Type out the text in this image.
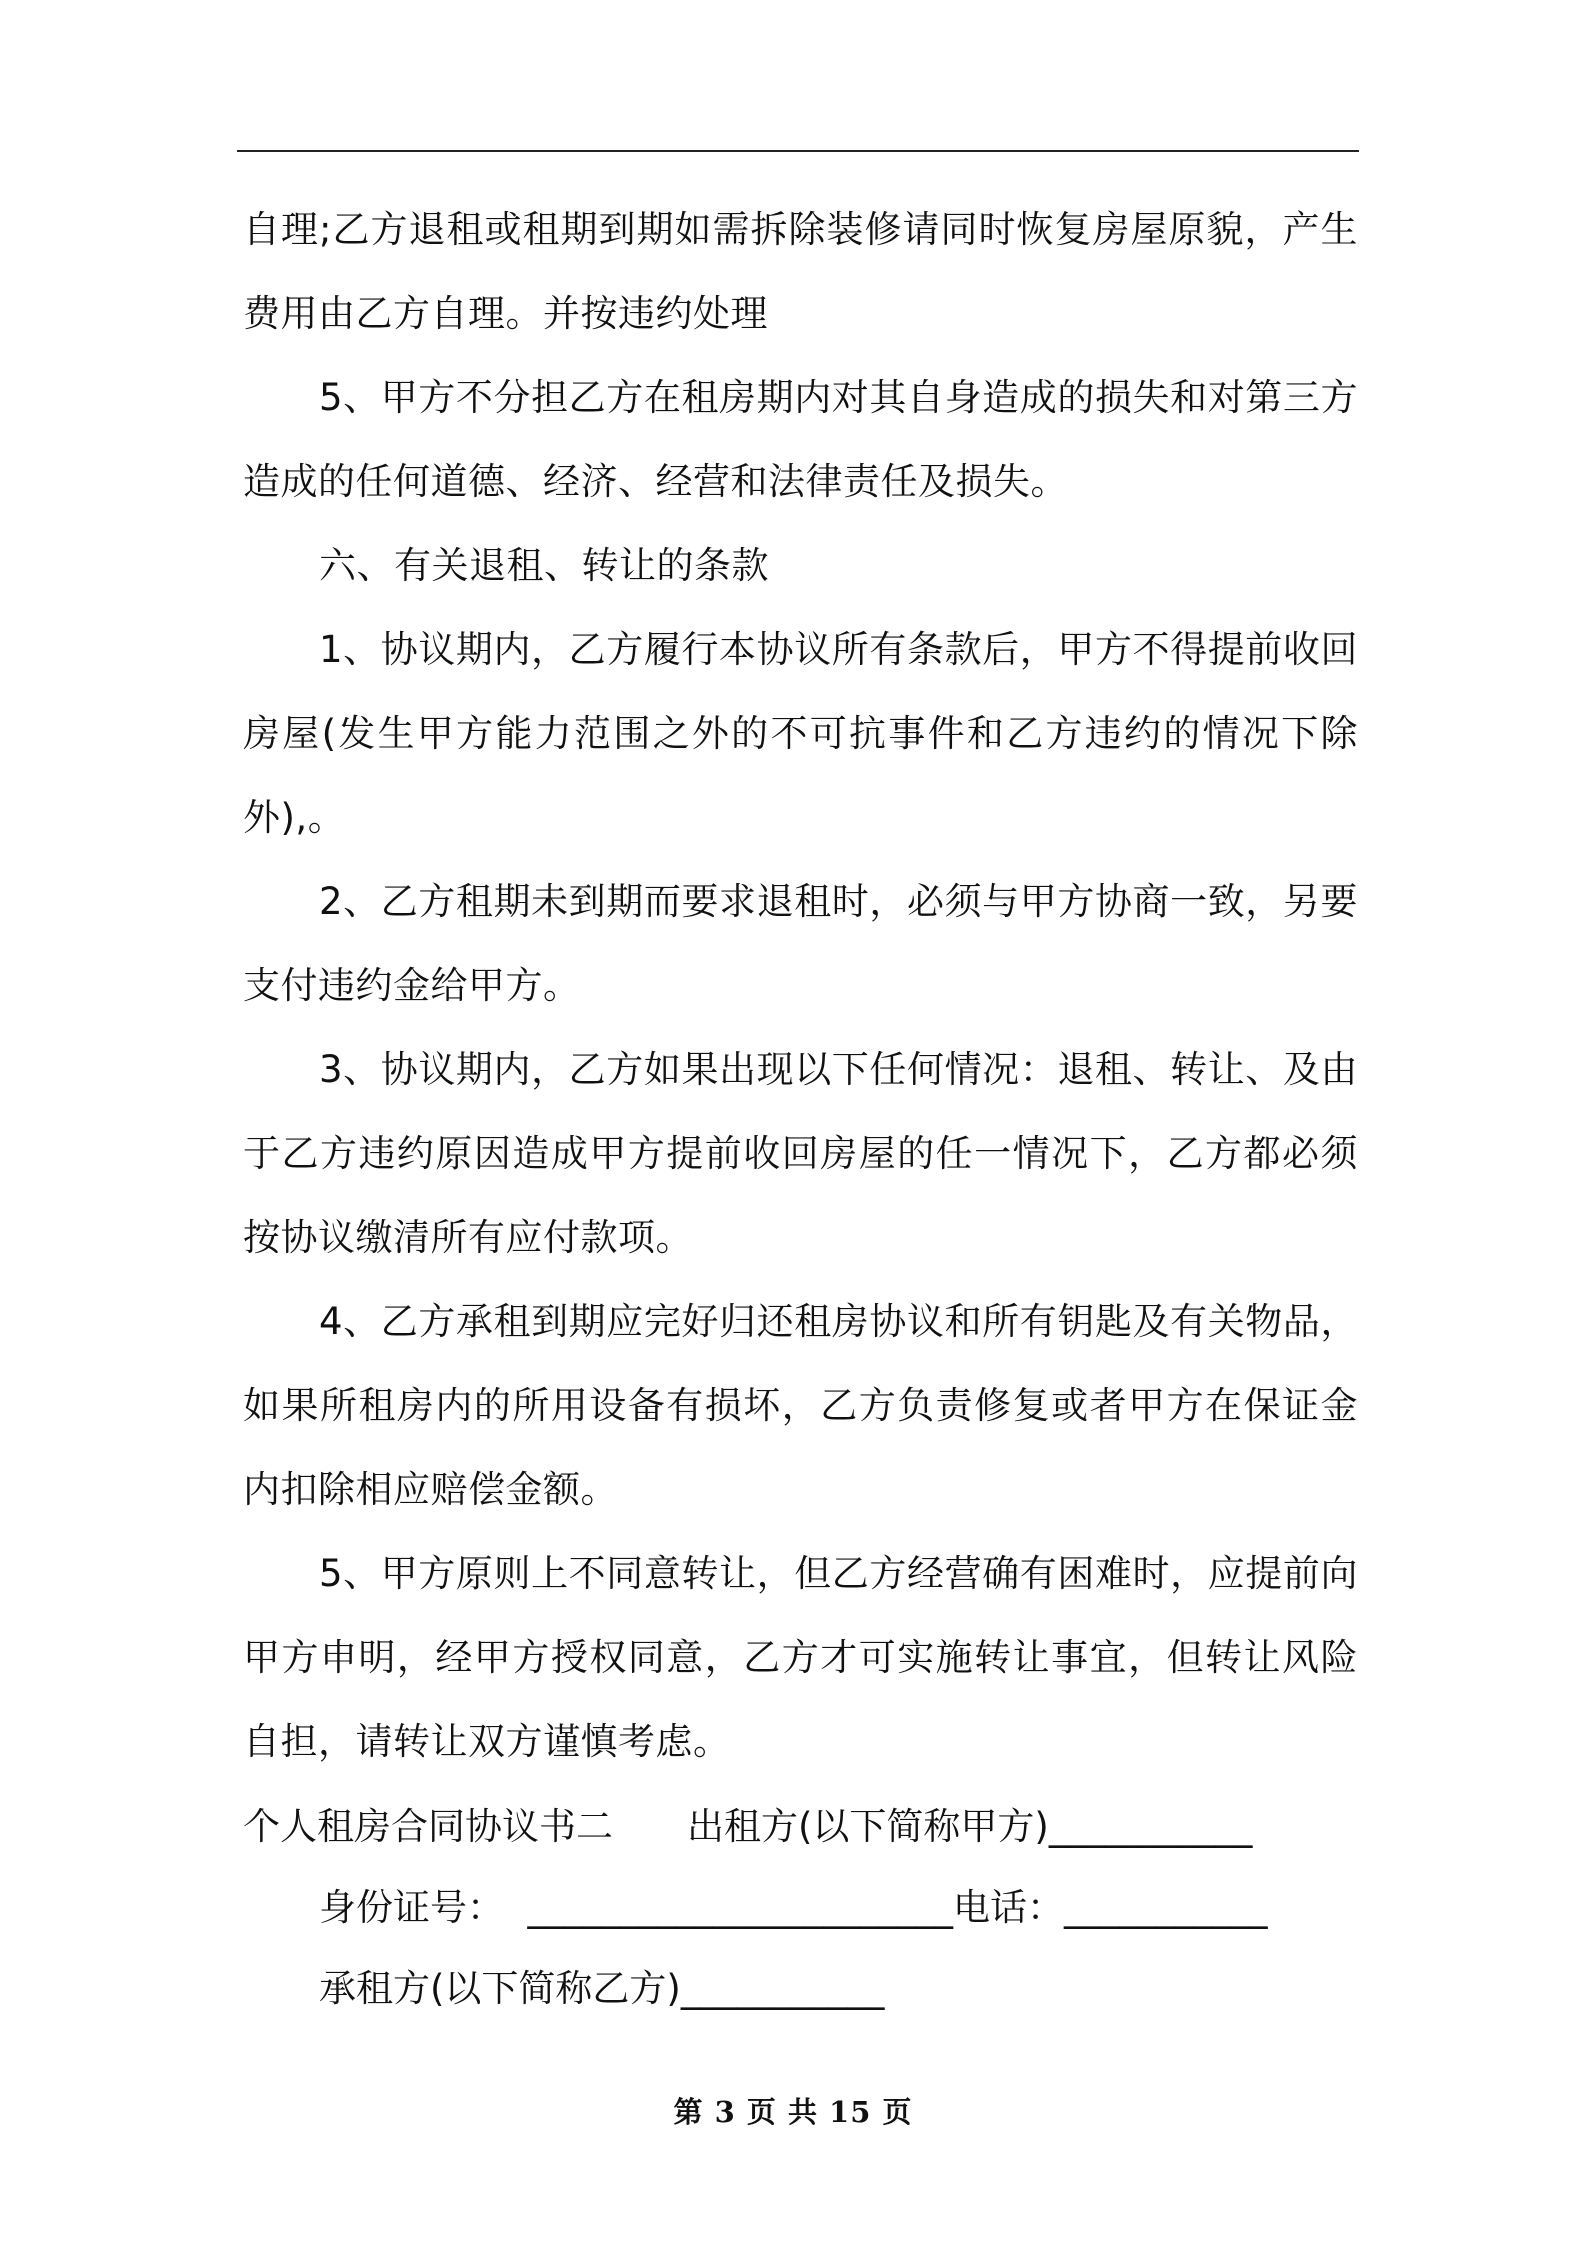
自理;乙方退租或租期到期如需拆除装修请同时恢复房屋原貌，产生费用由乙方自理。并按违约处理

5、甲方不分担乙方在租房期内对其自身造成的损失和对第三方造成的任何道德、经济、经营和法律责任及损失。

六、有关退租、转让的条款

1、协议期内，乙方履行本协议所有条款后，甲方不得提前收回房屋(发生甲方能力范围之外的不可抗事件和乙方违约的情况下除外),。

2、乙方租期未到期而要求退租时，必须与甲方协商一致，另要支付违约金给甲方。

3、协议期内，乙方如果出现以下任何情况：退租、转让、及由于乙方违约原因造成甲方提前收回房屋的任一情况下，乙方都必须按协议缴清所有应付款项。

4、乙方承租到期应完好归还租房协议和所有钥匙及有关物品，如果所租房内的所用设备有损坏，乙方负责修复或者甲方在保证金内扣除相应赔偿金额。

5、甲方原则上不同意转让，但乙方经营确有困难时，应提前向甲方申明，经甲方授权同意，乙方才可实施转让事宜，但转让风险自担，请转让双方谨慎考虑。

个人租房合同协议书二　　出租方(以下简称甲方)___________
身份证号：  _______________________电话：___________
承租方(以下简称乙方)___________
第 3 页 共 15 页
